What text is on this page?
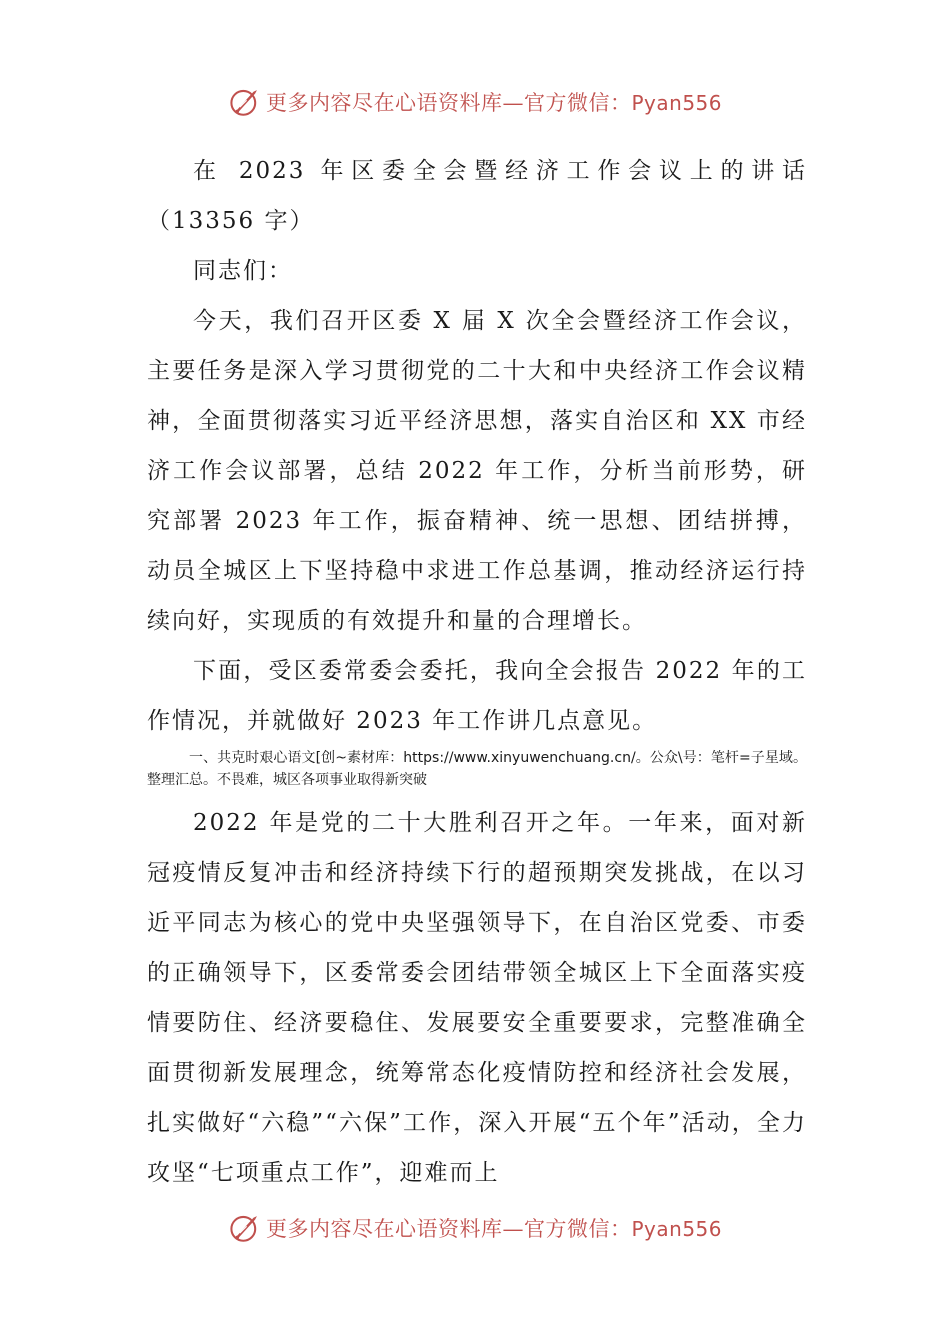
更多内容尽在心语资料库—官方微信：Pyan556

在 2023 年区委全会暨经济工作会议上的讲话（13356 字）

同志们：

今天，我们召开区委 X 届 X 次全会暨经济工作会议，主要任务是深入学习贯彻党的二十大和中央经济工作会议精神，全面贯彻落实习近平经济思想，落实自治区和 XX 市经济工作会议部署，总结 2022 年工作，分析当前形势，研究部署 2023 年工作，振奋精神、统一思想、团结拼搏，动员全城区上下坚持稳中求进工作总基调，推动经济运行持续向好，实现质的有效提升和量的合理增长。

下面，受区委常委会委托，我向全会报告 2022 年的工作情况，并就做好 2023 年工作讲几点意见。

一、共克时艰心语文[创~素材库：https://www.xinyuwenchuang.cn/。公众\号：笔杆=子星域。整理汇总。不畏难，城区各项事业取得新突破

2022 年是党的二十大胜利召开之年。一年来，面对新冠疫情反复冲击和经济持续下行的超预期突发挑战，在以习近平同志为核心的党中央坚强领导下，在自治区党委、市委的正确领导下，区委常委会团结带领全城区上下全面落实疫情要防住、经济要稳住、发展要安全重要要求，完整准确全面贯彻新发展理念，统筹常态化疫情防控和经济社会发展，扎实做好“六稳”“六保”工作，深入开展“五个年”活动，全力攻坚“七项重点工作”，迎难而上

更多内容尽在心语资料库—官方微信：Pyan556
